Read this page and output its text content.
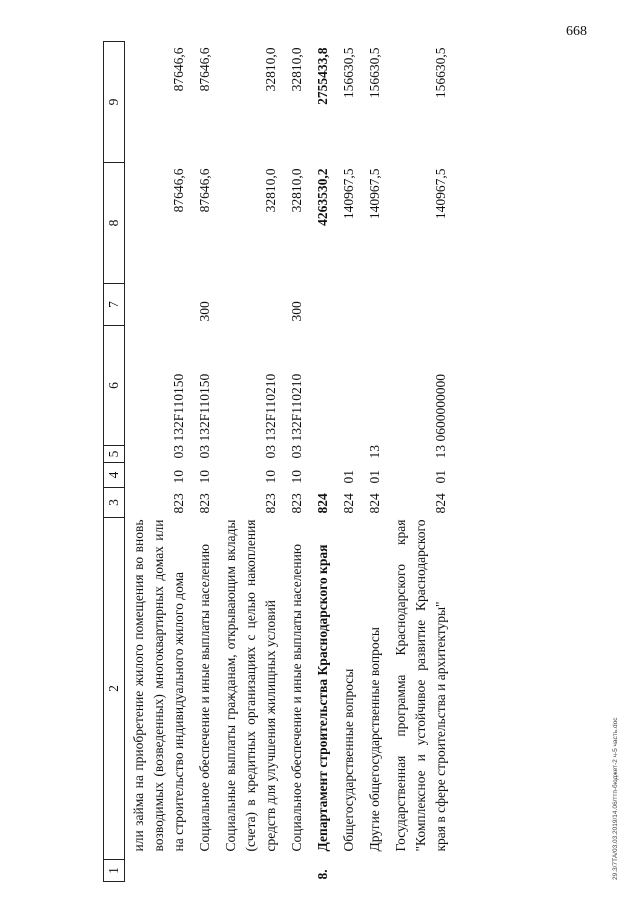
668
29.3/7ТА/03.03.2019/14.06/ттп-бюджет-2 ч-5 часть.doc
1	2	3	4	5	6	7	8	9
	или займа на приобретение жилого помещения во вновь возводимых (возведенных) многоквартирных домах или на строительство индивидуального жилого дома	823	10	03	132F110150		87646,6	87646,6
	Социальное обеспечение и иные выплаты населению	823	10	03	132F110150	300	87646,6	87646,6
	Социальные выплаты гражданам, открывающим вклады (счета) в кредитных организациях с целью накопления средств для улучшения жилищных условий	823	10	03	132F110210		32810,0	32810,0
	Социальное обеспечение и иные выплаты населению	823	10	03	132F110210	300	32810,0	32810,0
8.	Департамент строительства Краснодарского края	824					4263530,2	2755433,8
	Общегосударственные вопросы	824	01				140967,5	156630,5
	Другие общегосударственные вопросы	824	01	13			140967,5	156630,5
	Государственная программа Краснодарского края "Комплексное и устойчивое развитие Краснодарского края в сфере строительства и архитектуры"	824	01	13	0600000000		140967,5	156630,5
